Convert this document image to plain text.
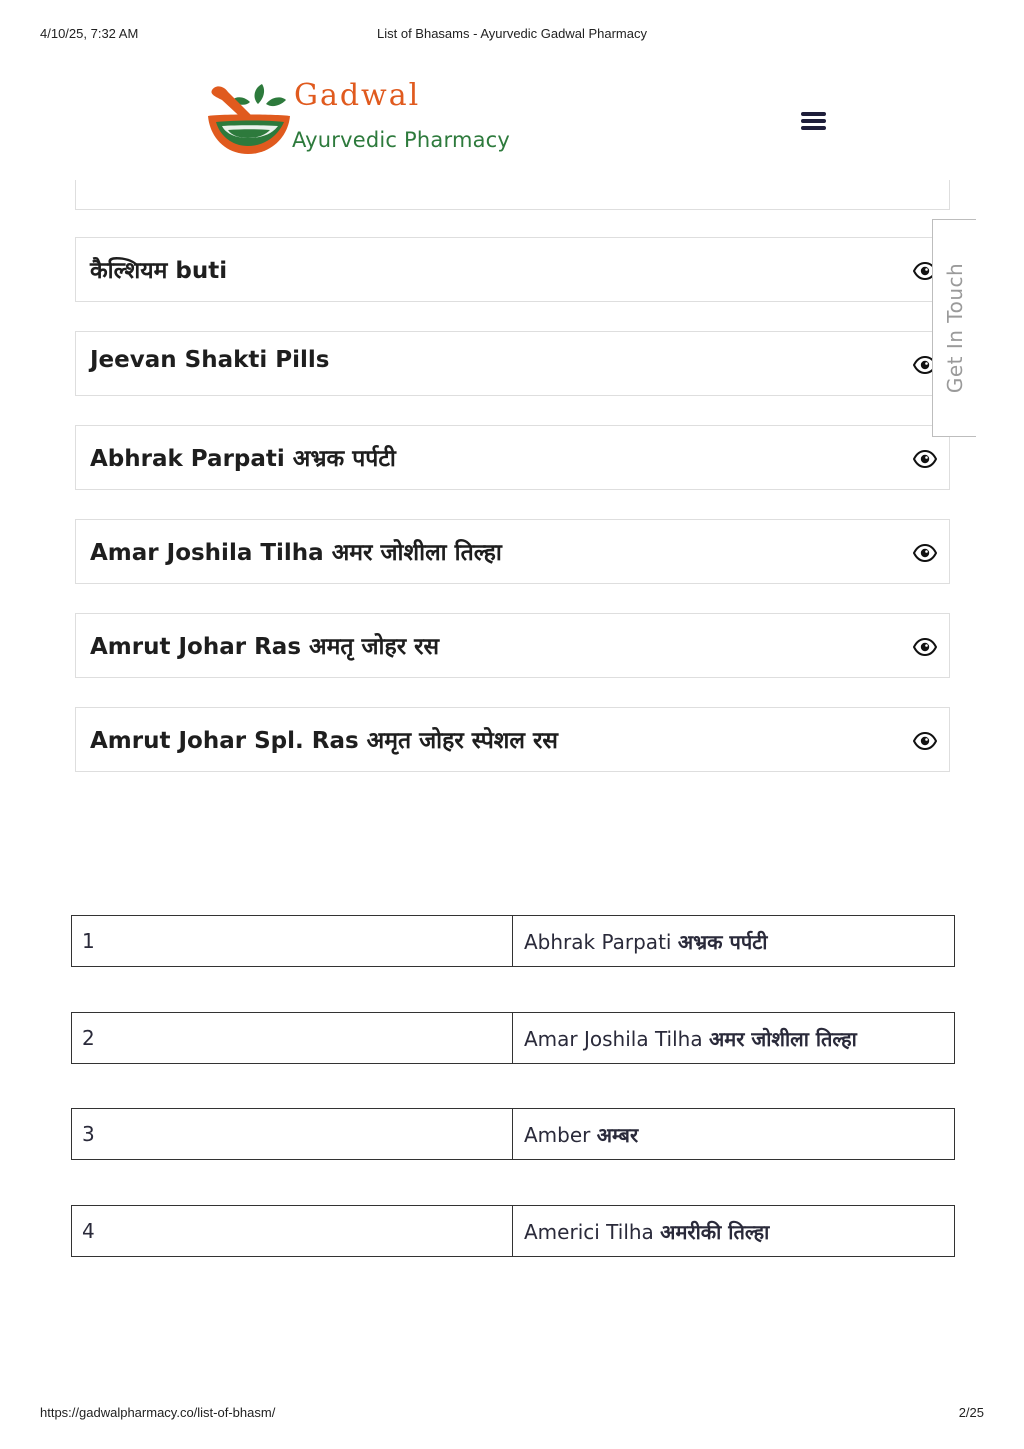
4/10/25, 7:32 AM	List of Bhasams - Ayurvedic Gadwal Pharmacy
Gadwal
Ayurvedic Pharmacy
कैल्शियम buti
Jeevan Shakti Pills
Abhrak Parpati अभ्रक पर्पटी
Amar Joshila Tilha अमर जोशीला तिल्हा
Amrut Johar Ras अमतृ जोहर रस
Amrut Johar Spl. Ras अमृत जोहर स्पेशल रस
Get In Touch
1	Abhrak Parpati अभ्रक पर्पटी
2	Amar Joshila Tilha अमर जोशीला तिल्हा
3	Amber अम्बर
4	Americi Tilha अमरीकी तिल्हा
https://gadwalpharmacy.co/list-of-bhasm/	2/25
